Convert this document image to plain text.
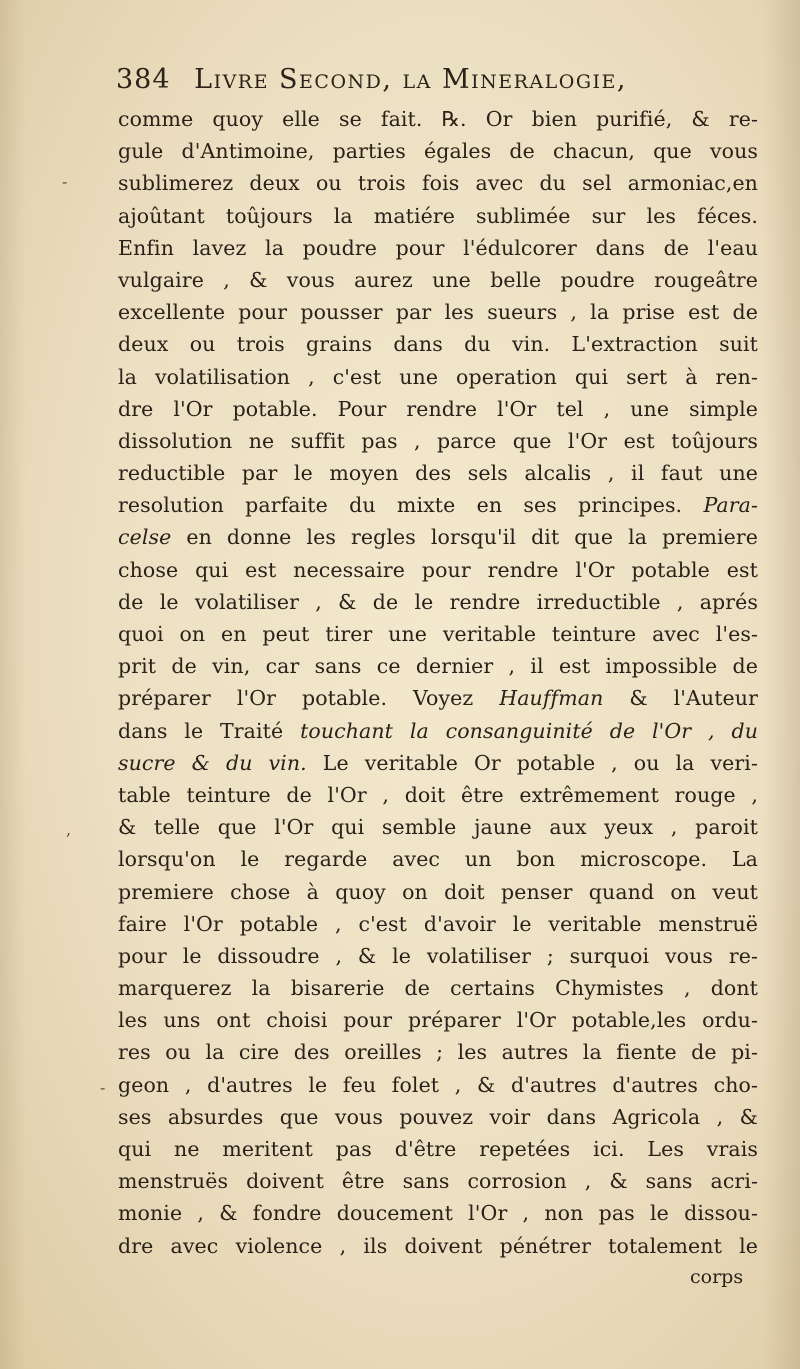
384 Livre Second, la Mineralogie,
-
,
-
comme quoy elle se fait. ℞. Or bien purifié, & re-
gule d'Antimoine, parties égales de chacun, que vous
sublimerez deux ou trois fois avec du sel armoniac,en
ajoûtant toûjours la matiére sublimée sur les féces.
Enfin lavez la poudre pour l'édulcorer dans de l'eau
vulgaire , & vous aurez une belle poudre rougeâtre
excellente pour pousser par les sueurs , la prise est de
deux ou trois grains dans du vin. L'extraction suit
la volatilisation , c'est une operation qui sert à ren-
dre l'Or potable. Pour rendre l'Or tel , une simple
dissolution ne suffit pas , parce que l'Or est toûjours
reductible par le moyen des sels alcalis , il faut une
resolution parfaite du mixte en ses principes. Para-
celse en donne les regles lorsqu'il dit que la premiere
chose qui est necessaire pour rendre l'Or potable est
de le volatiliser , & de le rendre irreductible , aprés
quoi on en peut tirer une veritable teinture avec l'es-
prit de vin, car sans ce dernier , il est impossible de
préparer l'Or potable. Voyez Hauffman & l'Auteur
dans le Traité touchant la consanguinité de l'Or , du
sucre & du vin. Le veritable Or potable , ou la veri-
table teinture de l'Or , doit être extrêmement rouge ,
& telle que l'Or qui semble jaune aux yeux , paroit
lorsqu'on le regarde avec un bon microscope. La
premiere chose à quoy on doit penser quand on veut
faire l'Or potable , c'est d'avoir le veritable menstruë
pour le dissoudre , & le volatiliser ; surquoi vous re-
marquerez la bisarerie de certains Chymistes , dont
les uns ont choisi pour préparer l'Or potable,les ordu-
res ou la cire des oreilles ; les autres la fiente de pi-
geon , d'autres le feu folet , & d'autres d'autres cho-
ses absurdes que vous pouvez voir dans Agricola , &
qui ne meritent pas d'être repetées ici. Les vrais
menstruës doivent être sans corrosion , & sans acri-
monie , & fondre doucement l'Or , non pas le dissou-
dre avec violence , ils doivent pénétrer totalement le
corps
